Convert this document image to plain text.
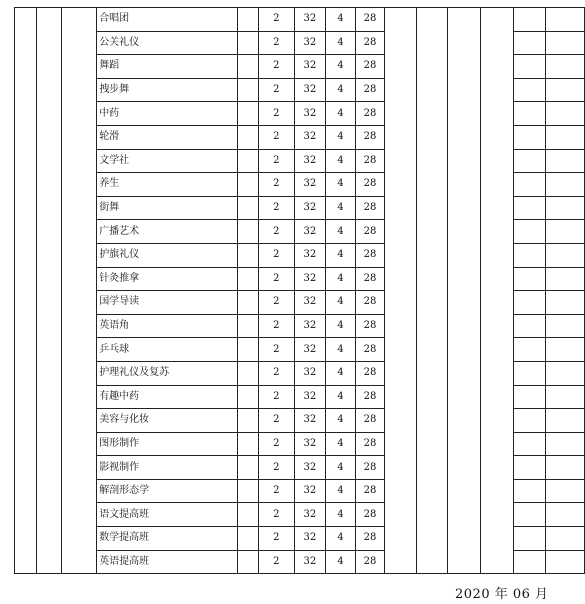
			合唱团		2	32	4	28						
			公关礼仪		2	32	4	28						
			舞蹈		2	32	4	28						
			拽步舞		2	32	4	28						
			中药		2	32	4	28						
			轮滑		2	32	4	28						
			文学社		2	32	4	28						
			养生		2	32	4	28						
			街舞		2	32	4	28						
			广播艺术		2	32	4	28						
			护旗礼仪		2	32	4	28						
			针灸推拿		2	32	4	28						
			国学导读		2	32	4	28						
			英语角		2	32	4	28						
			乒乓球		2	32	4	28						
			护理礼仪及复苏		2	32	4	28						
			有趣中药		2	32	4	28						
			美容与化妆		2	32	4	28						
			图形制作		2	32	4	28						
			影视制作		2	32	4	28						
			解剖形态学		2	32	4	28						
			语文提高班		2	32	4	28						
			数学提高班		2	32	4	28						
			英语提高班		2	32	4	28						
2020 年 06 月
